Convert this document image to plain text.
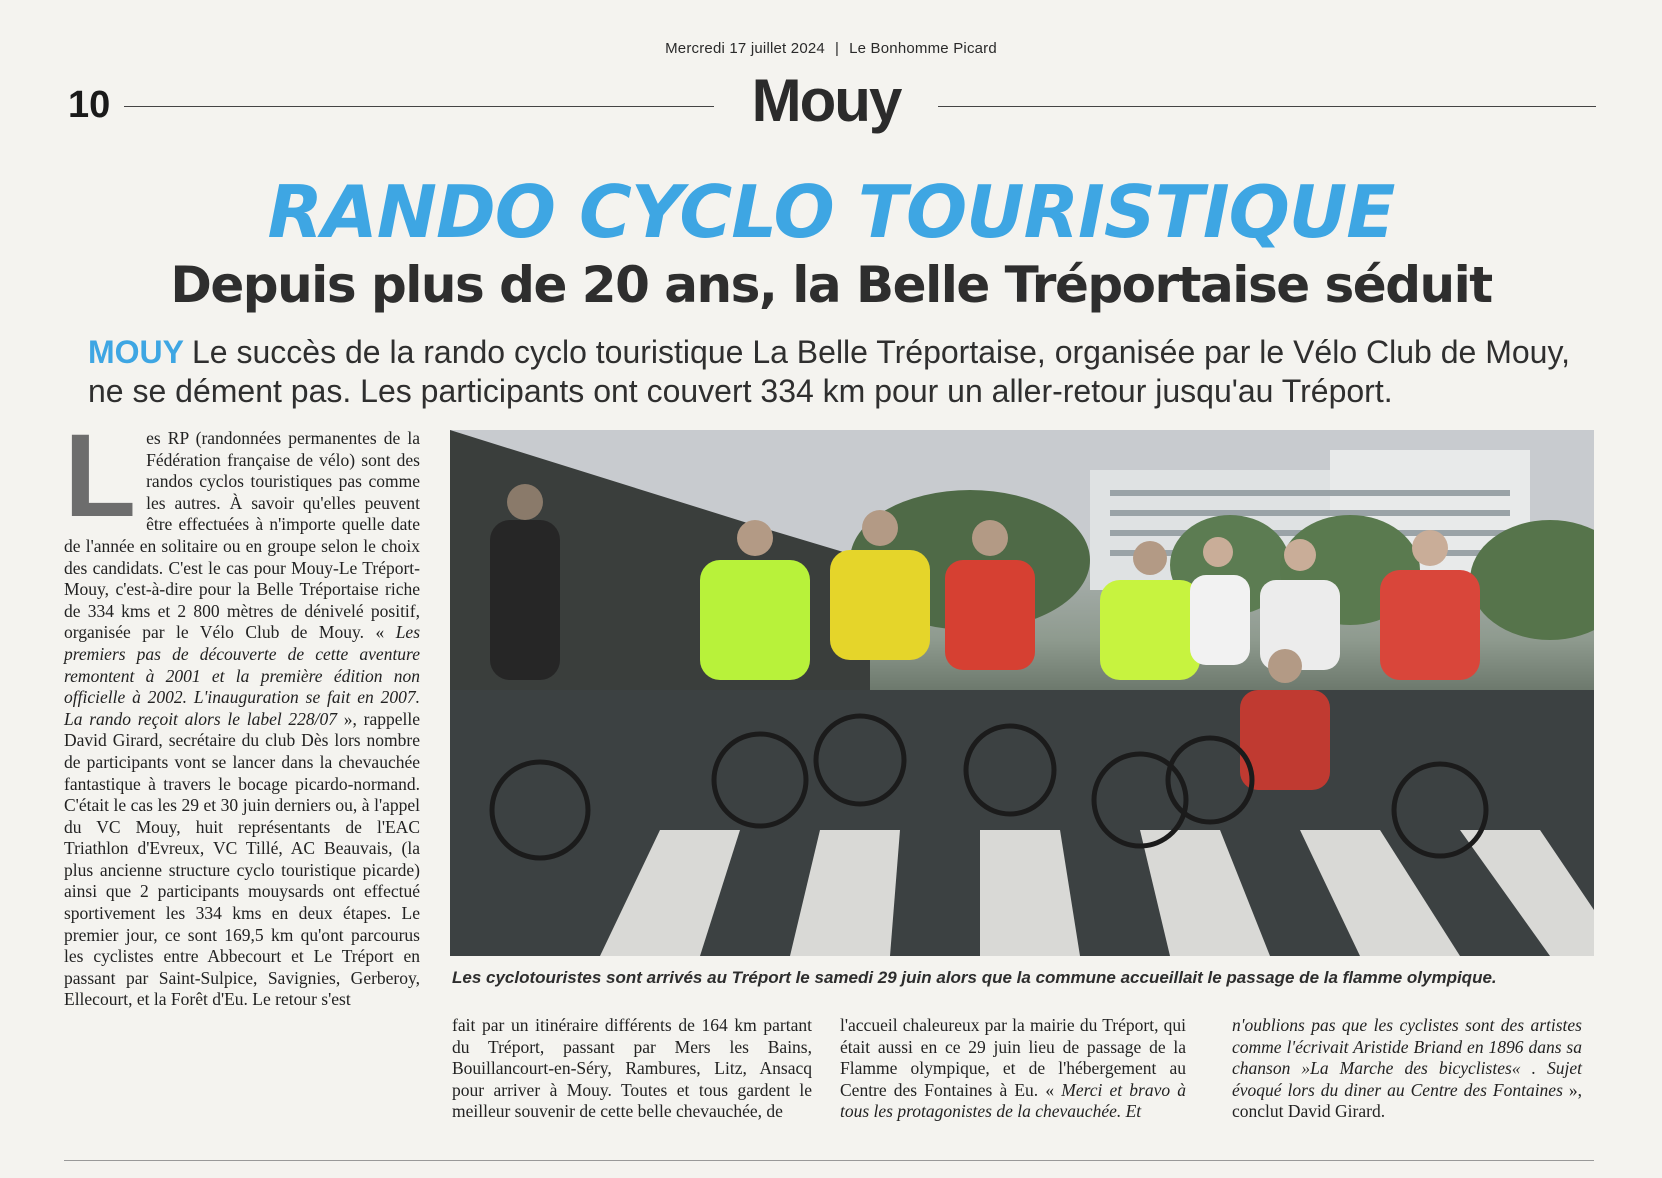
Mercredi 17 juillet 2024 | Le Bonhomme Picard
10	Mouy
RANDO CYCLO TOURISTIQUE
Depuis plus de 20 ans, la Belle Tréportaise séduit
MOUY Le succès de la rando cyclo touristique La Belle Tréportaise, organisée par le Vélo Club de Mouy, ne se dément pas. Les participants ont couvert 334 km pour un aller-retour jusqu'au Tréport.
L es RP (randonnées permanentes de la Fédération française de vélo) sont des randos cyclos touristiques pas comme les autres. À savoir qu'elles peuvent être effectuées à n'importe quelle date de l'année en solitaire ou en groupe selon le choix des candidats. C'est le cas pour Mouy-Le Tréport-Mouy, c'est-à-dire pour la Belle Tréportaise riche de 334 kms et 2 800 mètres de dénivelé positif, organisée par le Vélo Club de Mouy. « Les premiers pas de découverte de cette aventure remontent à 2001 et la première édition non officielle à 2002. L'inauguration se fait en 2007. La rando reçoit alors le label 228/07 », rappelle David Girard, secrétaire du club Dès lors nombre de participants vont se lancer dans la chevauchée fantastique à travers le bocage picardo-normand. C'était le cas les 29 et 30 juin derniers ou, à l'appel du VC Mouy, huit représentants de l'EAC Triathlon d'Evreux, VC Tillé, AC Beauvais, (la plus ancienne structure cyclo touristique picarde) ainsi que 2 participants mouysards ont effectué sportivement les 334 kms en deux étapes. Le premier jour, ce sont 169,5 km qu'ont parcourus les cyclistes entre Abbecourt et Le Tréport en passant par Saint-Sulpice, Savignies, Gerberoy, Ellecourt, et la Forêt d'Eu. Le retour s'est

Les cyclotouristes sont arrivés au Tréport le samedi 29 juin alors que la commune accueillait le passage de la flamme olympique.

fait par un itinéraire différents de 164 km partant du Tréport, passant par Mers les Bains, Bouillancourt-en-Séry, Rambures, Litz, Ansacq pour arriver à Mouy. Toutes et tous gardent le meilleur souvenir de cette belle chevauchée, de

l'accueil chaleureux par la mairie du Tréport, qui était aussi en ce 29 juin lieu de passage de la Flamme olympique, et de l'hébergement au Centre des Fontaines à Eu. « Merci et bravo à tous les protagonistes de la chevauchée. Et

n'oublions pas que les cyclistes sont des artistes comme l'écrivait Aristide Briand en 1896 dans sa chanson »La Marche des bicyclistes« . Sujet évoqué lors du diner au Centre des Fontaines », conclut David Girard.
